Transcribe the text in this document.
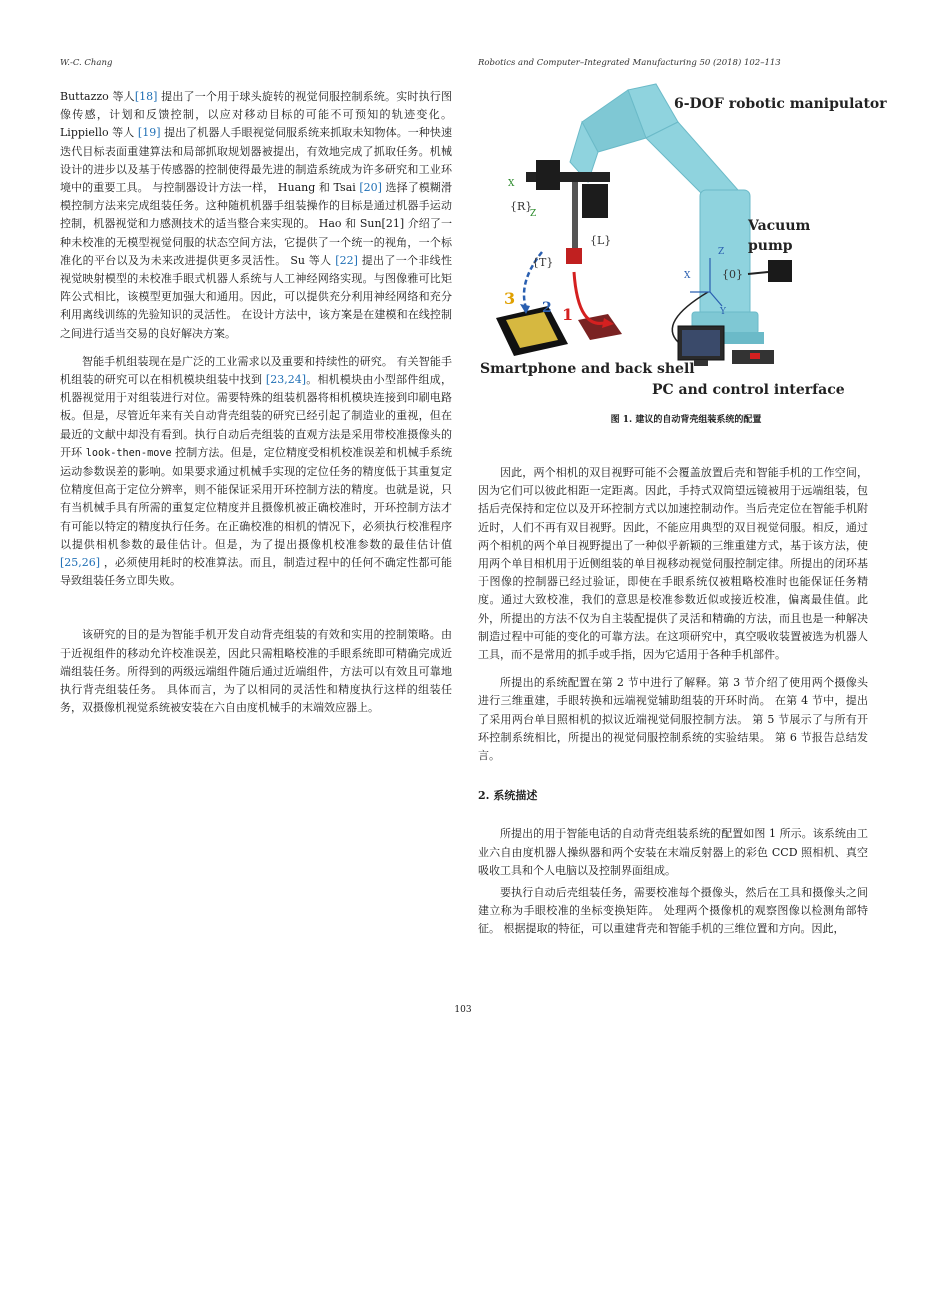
W.-C. Chang	Robotics and Computer–Integrated Manufacturing 50 (2018) 102–113

Buttazzo 等人[18] 提出了一个用于球头旋转的视觉伺服控制系统。实时执行图像传感，计划和反馈控制，以应对移动目标的可能不可预知的轨迹变化。Lippiello 等人 [19] 提出了机器人手眼视觉伺服系统来抓取未知物体。一种快速迭代目标表面重建算法和局部抓取规划器被提出，有效地完成了抓取任务。机械设计的进步以及基于传感器的控制使得最先进的制造系统成为许多研究和工业环境中的重要工具。 与控制器设计方法一样， Huang 和 Tsai [20] 选择了模糊滑模控制方法来完成组装任务。这种随机机器手组装操作的目标是通过机器手运动控制，机器视觉和力感测技术的适当整合来实现的。 Hao 和 Sun[21] 介绍了一种未校准的无模型视觉伺服的状态空间方法，它提供了一个统一的视角，一个标准化的平台以及为未来改进提供更多灵活性。 Su 等人 [22] 提出了一个非线性视觉映射模型的未校准手眼式机器人系统与人工神经网络实现。与图像雅可比矩阵公式相比，该模型更加强大和通用。因此，可以提供充分利用神经网络和充分利用离线训练的先验知识的灵活性。 在设计方法中，该方案是在建模和在线控制之间进行适当交易的良好解决方案。

智能手机组装现在是广泛的工业需求以及重要和持续性的研究。 有关智能手机组装的研究可以在相机模块组装中找到 [23,24]。相机模块由小型部件组成，机器视觉用于对组装进行对位。需要特殊的组装机器将相机模块连接到印刷电路板。但是，尽管近年来有关自动背壳组装的研究已经引起了制造业的重视，但在最近的文献中却没有看到。执行自动后壳组装的直观方法是采用带校准摄像头的开环 look-then-move 控制方法。但是，定位精度受相机校准误差和机械手系统运动参数误差的影响。如果要求通过机械手实现的定位任务的精度低于其重复定位精度但高于定位分辨率，则不能保证采用开环控制方法的精度。也就是说，只有当机械手具有所需的重复定位精度并且摄像机被正确校准时，开环控制方法才有可能以特定的精度执行任务。在正确校准的相机的情况下，必须执行校准程序以提供相机参数的最佳估计。但是，为了提出摄像机校准参数的最佳估计值[25,26] ，必须使用耗时的校准算法。而且，制造过程中的任何不确定性都可能导致组装任务立即失败。

该研究的目的是为智能手机开发自动背壳组装的有效和实用的控制策略。由于近视组件的移动允许校准误差，因此只需粗略校准的手眼系统即可精确完成近端组装任务。所得到的两级远端组件随后通过近端组件，方法可以有效且可靠地执行背壳组装任务。 具体而言，为了以相同的灵活性和精度执行这样的组装任务，双摄像机视觉系统被安装在六自由度机械手的末端效应器上。

6-DOF robotic manipulator
Vacuum pump
Smartphone and back shell
PC and control interface
{R}
{L}
{T}
{0}
X
Z
Z
X
Y
3 2 1
图 1. 建议的自动背壳组装系统的配置

因此，两个相机的双目视野可能不会覆盖放置后壳和智能手机的工作空间，因为它们可以彼此相距一定距离。因此，手持式双筒望远镜被用于远端组装，包括后壳保持和定位以及开环控制方式以加速控制动作。当后壳定位在智能手机附近时，人们不再有双目视野。因此，不能应用典型的双目视觉伺服。相反，通过两个相机的两个单目视野提出了一种似乎新颖的三维重建方式，基于该方法，使用两个单目相机用于近侧组装的单目视移动视觉伺服控制定律。所提出的闭环基于图像的控制器已经过验证，即使在手眼系统仅被粗略校准时也能保证任务精度。通过大致校准，我们的意思是校准参数近似或接近校准，偏离最佳值。此外，所提出的方法不仅为自主装配提供了灵活和精确的方法，而且也是一种解决制造过程中可能的变化的可靠方法。在这项研究中，真空吸收装置被选为机器人工具，而不是常用的抓手或手指，因为它适用于各种手机部件。

所提出的系统配置在第 2 节中进行了解释。第 3 节介绍了使用两个摄像头进行三维重建，手眼转换和远端视觉辅助组装的开环时尚。 在第 4 节中，提出了采用两台单目照相机的拟议近端视觉伺服控制方法。 第 5 节展示了与所有开环控制系统相比，所提出的视觉伺服控制系统的实验结果。 第 6 节报告总结发言。

2. 系统描述

所提出的用于智能电话的自动背壳组装系统的配置如图 1 所示。该系统由工业六自由度机器人操纵器和两个安装在末端反射器上的彩色 CCD 照相机、真空吸收工具和个人电脑以及控制界面组成。

要执行自动后壳组装任务，需要校准每个摄像头，然后在工具和摄像头之间建立称为手眼校准的坐标变换矩阵。 处理两个摄像机的观察图像以检测角部特征。 根据提取的特征，可以重建背壳和智能手机的三维位置和方向。因此，

103
